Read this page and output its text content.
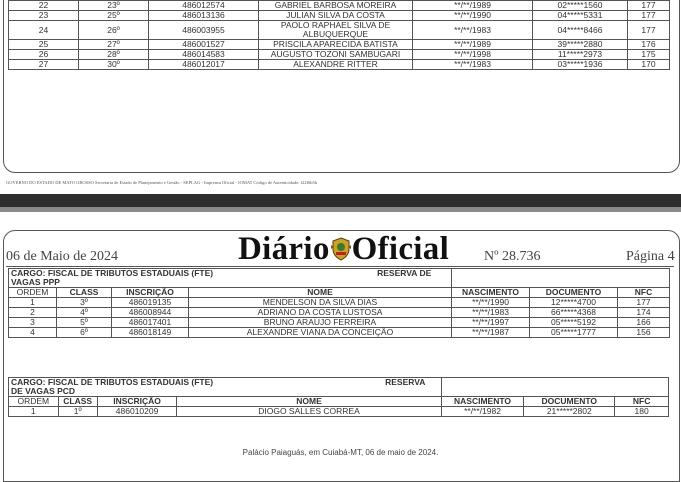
22	23º	486012574	GABRIEL BARBOSA MOREIRA	**/**/1989	02*****1560	177
23	25º	486013136	JULIAN SILVA DA COSTA	**/**/1990	04*****5331	177
24	26º	486003955	PAOLO RAPHAEL SILVA DE ALBUQUERQUE	**/**/1983	04*****8466	177
25	27º	486001527	PRISCILA APARECIDA BATISTA	**/**/1989	39*****2880	176
26	28º	486014583	AUGUSTO TOZONI SAMBUGARI	**/**/1998	11*****2973	175
27	30º	486012017	ALEXANDRE RITTER	**/**/1983	03*****1936	170
GOVERNO DO ESTADO DE MATO GROSSO Secretaria de Estado de Planejamento e Gestão - SEPLAG - Imprensa Oficial - IOMAT Código de Autenticidade: f22f6b5b
06 de Maio de 2024	Diário Oficial Nº 28.736	Página 4
CARGO: FISCAL DE TRIBUTOS ESTADUAIS (FTE) RESERVA DE VAGAS PPP						
ORDEM	CLASS	INSCRIÇÃO	NOME	NASCIMENTO	DOCUMENTO	NFC
1	3º	486019135	MENDELSON DA SILVA DIAS	**/**/1990	12*****4700	177
2	4º	486008944	ADRIANO DA COSTA LUSTOSA	**/**/1983	66*****4368	174
3	5º	486017401	BRUNO ARAUJO FERREIRA	**/**/1997	05*****5192	166
4	6º	486018149	ALEXANDRE VIANA DA CONCEIÇÃO	**/**/1987	05*****1777	156
CARGO: FISCAL DE TRIBUTOS ESTADUAIS (FTE) RESERVA DE VAGAS PCD						
ORDEM	CLASS	INSCRIÇÃO	NOME	NASCIMENTO	DOCUMENTO	NFC
1	1º	486010209	DIOGO SALLES CORREA	**/**/1982	21*****2802	180
Palácio Paiaguás, em Cuiabá-MT, 06 de maio de 2024.
